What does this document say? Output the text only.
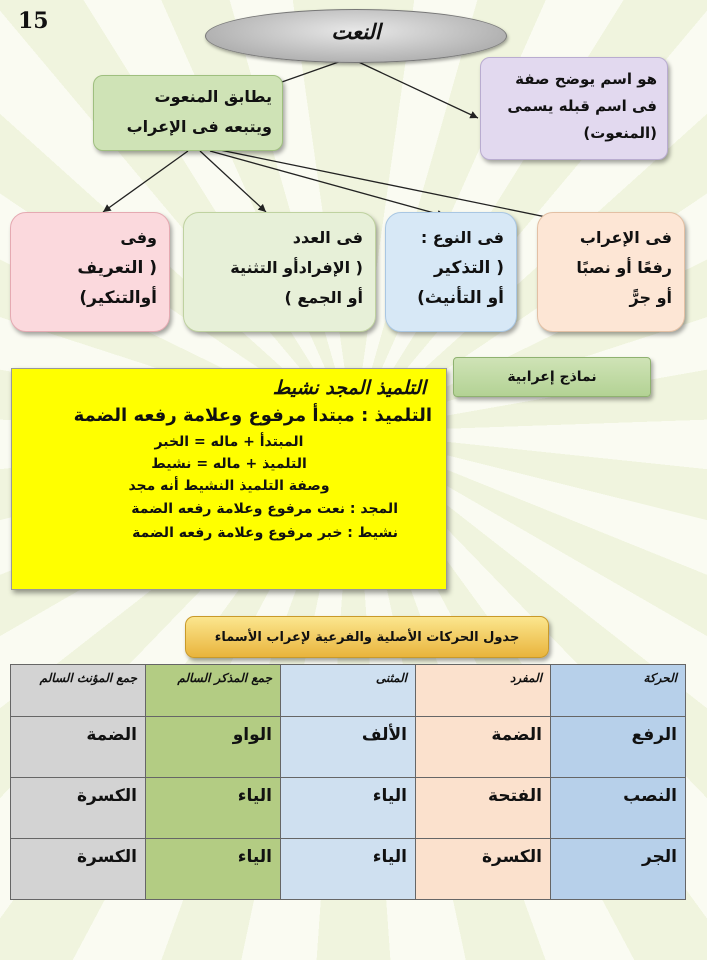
15	النعت
هو اسم يوضح صفة
فى اسم قبله يسمى
(المنعوت)
يطابق المنعوت
ويتبعه فى الإعراب
فى الإعراب
رفعًا أو نصبًا
أو جرًّ
فى النوع :
( التذكير
أو التأنيث)
فى العدد
( الإفرادأو التثنية
أو الجمع )
وفى
( التعريف
أوالتنكير)
التلميذ المجد نشيط
التلميذ : مبتدأ مرفوع وعلامة رفعه الضمة
المبتدأ + ماله = الخبر
التلميذ + ماله = نشيط
وصفة التلميذ النشيط أنه مجد
المجد : نعت مرفوع وعلامة رفعه الضمة
نشيط : خبر مرفوع وعلامة رفعه الضمة
نماذج إعرابية
جدول الحركات الأصلية والفرعية لإعراب الأسماء
جمع المؤنث السالم	جمع المذكر السالم	المثنى	المفرد	الحركة
الضمة	الواو	الألف	الضمة	الرفع
الكسرة	الياء	الياء	الفتحة	النصب
الكسرة	الياء	الياء	الكسرة	الجر
